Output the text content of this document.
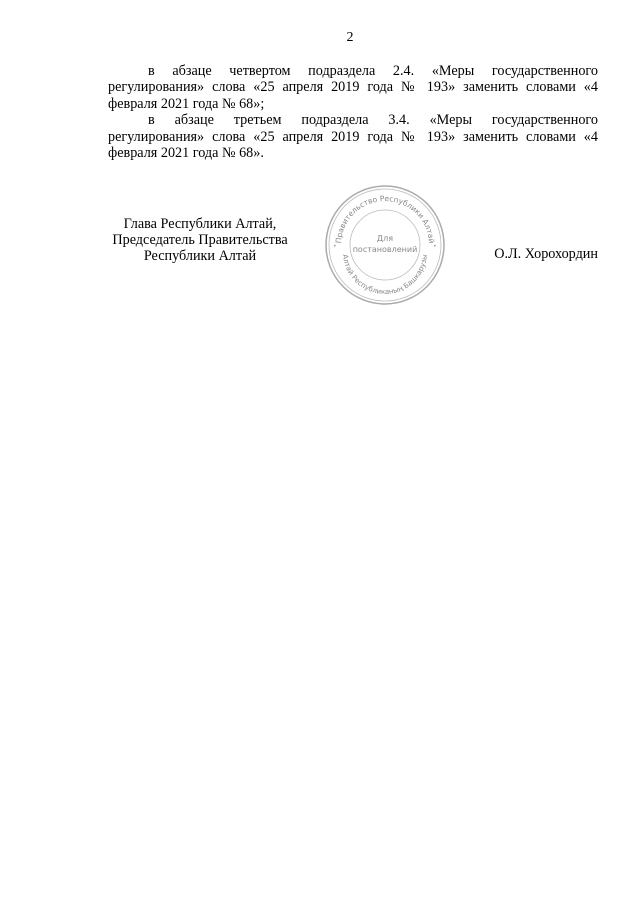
2

в абзаце четвертом подраздела 2.4. «Меры государственного регулирования» слова «25 апреля 2019 года № 193» заменить словами «4 февраля 2021 года № 68»;

в абзаце третьем подраздела 3.4. «Меры государственного регулирования» слова «25 апреля 2019 года № 193» заменить словами «4 февраля 2021 года № 68».

Глава Республики Алтай,
Председатель Правительства
Республики Алтай	О.Л. Хорохордин
Правительство Республики Алтай
Алтай Республиканың Башкарузы
•	•
Для
постановлений
